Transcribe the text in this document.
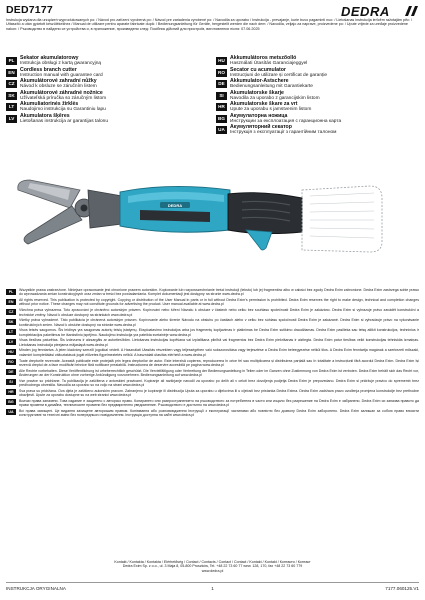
DED7177	DEDRA
Instrukcja wydana dla urządzeń wyprodukowanych po: / Návod pro zařízení vyrobená po: / Návod pre zariadenia vyrobené po: / Navodila za uporabo / Instrukcija - prevajanje, kurie buvo pagaminti nuo: / Lietošanas instrukcija ierīcēm ražotajām pēc: / Uttaszító a után gyártott készülékekhez / Manual de utilizare pentru aparate fabricate după: / Bedienungsanleitung für Geräte, hergestellt werden die nach dem: / Navodila, veljajo za naprave, proizvedene po: / Upute vrijede za uređaje proizvedene nakon: / Ръководство в найдени се устройства и, в приложение, произведени след: Посібник дійсний для пристроїв, виготовлених після: 07.06.2025
PL	Sekator akumulatorowy
Instrukcja obsługi z kartą gwarancyjną
EN	Cordless branch cutter
Instruction manual with guarantee card
CZ	Akumulátorové zahradní nůžky
Návod k obsluze se záručním listem
SK	Akumulátorové záhradné nožnice
Užívateľská príručka so záručným listom
LT	Akumuliatorinės žirklės
Naudojimo instrukcija su Garantiniu lapu
LV	Akumulatora šķēres
Lietošanas instrukcija ar garantijas talonu
HU Akkumulátoros metszőolló
Használati Útasítás Garanciajeggyel
RO Secator cu acumulator
Instrucțiuni de utilizare și certificat de garanție
DE	Akkumulator-Astschere
Bedienungsanleitung mit Garantiekarte
SI	Akumulatorske škarje
Navodila za uporabo z garancijskim listom
HR Akumulatorske škare za vrt
Upute za uporabu s jamstvenim listom
BG Акумулаторна ножица
Инструкции за експлоатация с гаранционна карта
UA Акумуляторний секатор
Інструкція з експлуатації з гарантійним талоном
DEDRA
PL	Wszystkie prawa zastrzeżone. Niniejsze opracowanie jest chronione prawem autorskim. Kopiowanie lub rozpowszechnianie treści instrukcji (tekstu) lub jej fragmentów albo w całości bez zgody Dedra Exim zabronione. Dedra Exim zastrzega sobie prawo do wprowadzania zmian konstrukcyjnych oraz zmian w treści bez powiadamiania. Komplet dokumentacji jest dostępny na stronie www.dedra.pl
EN	All rights reserved. This publication is protected by copyright. Copying or distribution of the User Manual in parts or in full without Dedra Exim's permission is prohibited. Dedra Exim reserves the right to make design, technical and completion changes without prior notice. These changes may not constitute grounds for advertising the product. User manual available at www.dedra.pl
CZ	Všechna práva vyhrazena. Toto zpracování je chráněno autorským právem. Kopírování nebo šíření Návodu k obsluze v částech nebo celku bez souhlasu společnosti Dedra Exim je zakázáno. Dedra Exim si vyhrazuje právo zavádět konstrukční a technické změny. Návod k obsluze dostupný na stránkách www.dedra.pl
SK	Všetky práva vyhradené. Táto publikácia je chránená autorským právom. Kopírovanie alebo šírenie Návodu na obsluhu po častiach alebo v celku bez súhlasu spoločnosti Dedra Exim je zakázané. Dedra Exim si vyhradzuje právo na vykonávanie konštrukčných zmien. Návod k obsluhe dostupný na stránke www.dedra.pl
LT	Visos teisės saugomos. Šis leidinys yra saugomas autorių teisių įstatymų. Eksploatavimo instrukcijos arba jos fragmentų kopijavimas ir platinimas be Dedra Exim sutikimo draudžiamas. Dedra Exim pasilieka sau teisę atlikti konstrukcijos, techninius ir komplektacijos pakeitimus be išankstinio įspėjimo. Naudojimo instrukcija yra pateikta svetainėje www.dedra.pl
LV	Visas tiesības paturētas. Šis izdevums ir aizsargāts ar autortiesībām. Lietošanas instrukcijas kopēšana vai izplatīšana pilnībā vai fragmentos bez Dedra Exim piekrišanas ir aizliegta. Dedra Exim patur tiesības veikt konstrukcijas tehniskās izmaiņas. Lietošanas instrukcija pieejama mājaslapā www.dedra.pl
HU	Minden jog fenntartva. A jelen kiadvány szerzői jogokkal védett. A Használati Utasítás részekben vagy teljességében való sokszorosítása vagy terjesztése a Dedra Exim beleegyezése nélkül tilos. A Dedra Exim fenntartja magának a szerkezeti műszaki, valamint komplettálási változtatások jogát előzetes figyelmeztetés nélkül. A használati útasítás elérhető a www.dedra.pl
RO	Toate drepturile rezervate. Această publicație este protejată prin legea drepturilor de autor. Este interzisă copierea, reproducerea în orice fel sau multiplicarea și distribuirea parțială sau în totalitate a instrucțiunii fără acordul Dedra Exim. Dedra Exim își rezervă dreptul de a face modificări tehnice fără notificare prealabilă. Instrucțiunea de deservire accesibilă pe pagina www.dedra.pl
DE	Alle Rechte vorbehalten. Diese Veröffentlichung ist urheberrechtlich geschützt. Die Vervielfältigung oder Verbreitung der Bedienungsanleitung in Teilen oder im Ganzen ohne Zustimmung von Dedra Exim ist verboten. Dedra Exim behält sich das Recht vor, Änderungen an der Konstruktion ohne vorherige Ankündigung vorzunehmen. Bedienungsanleitung auf www.dedra.pl
SI	Vse pravice so pridržane. Ta publikacija je zaščitena z avtorskimi pravicami. Kopiranje ali razširjanje navodil za uporabo po delih ali v celoti brez dovoljenja podjetja Dedra Exim je prepovedano. Dedra Exim si pridržuje pravico do sprememb brez predhodnega obvestila. Navodila za uporabo so na voljo na strani www.dedra.pl
HR	Sva prava su pridržana. Ova djela je zaštićeno autorskim pravom. Zabranjeno je kopiranje ili distribucija Uputa za uporabu u dijelovima ili u cijelosti bez pristanka Dedra Exima. Dedra Exim zadržava pravo uvođenja promjena konstrukcije bez prethodne obavijesti. Upute za uporabu dostupne su na web stranici www.dedra.pl
BG	Всички права запазени. Това издание е защитено с авторско право. Копирането или разпространението на ръководството за потребителя в части или изцяло без разрешение на Dedra Exim е забранено. Dedra Exim си запазва правото да прави промени в дизайна, техническите промени без предварително уведомление. Ръководството е достъпно на www.dedra.pl
UA	Всі права захищені. Це видання захищене авторським правом. Копіювання або розповсюдження Інструкції з експлуатації частинами або повністю без дозволу Dedra Exim заборонено. Dedra Exim залишає за собою право вносити конструктивні та технічні зміни без попереднього повідомлення. Інструкція доступна на сайті www.dedra.pl
Kontakt / Kontakta / Kontakta / Elérhetőség / Contact / Contacts / Contact / Contact / Kontakt / Kontakt / Контакти / Контакт
Dedra Exim Sp. z o.o., ul. 3 Maja 8, 05-800 Pruszków, Tel. +48 22 73 60 77 wew. 128, 170, fax +48 22 73 60 779
www.dedra.pl
INSTRUKCJA ORYGINALNA	1	7177.060125.V1
